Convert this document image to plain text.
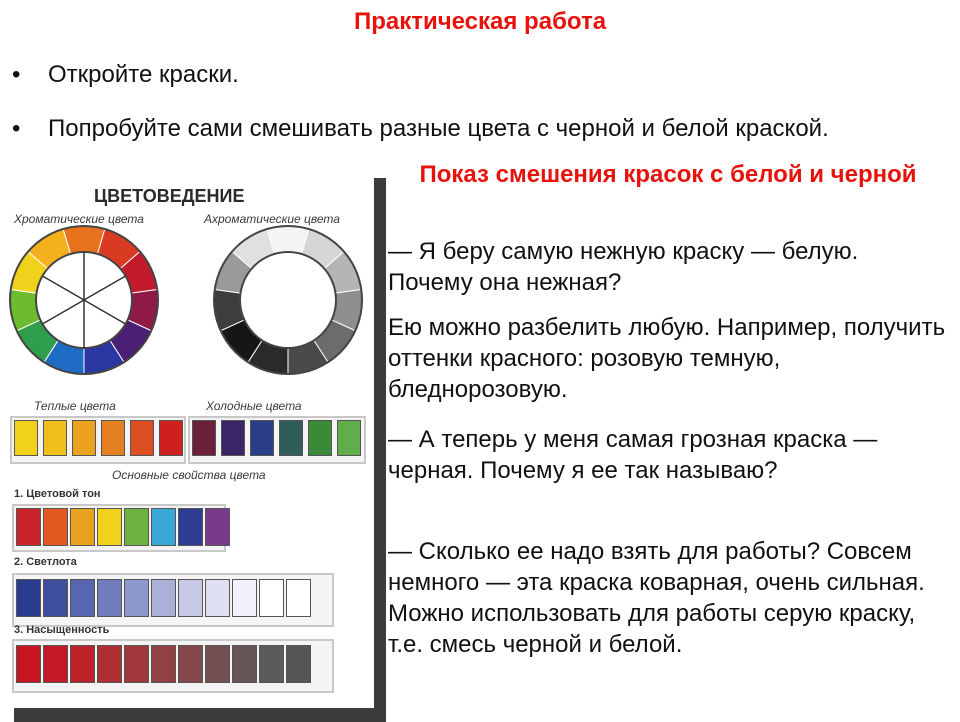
Практическая работа
• Откройте краски.
• Попробуйте сами смешивать разные цвета с черной и белой краской.
ЦВЕТОВЕДЕНИЕ
Хроматические цвета	Ахроматические цвета
Теплые цвета	Холодные цвета
Основные свойства цвета
1. Цветовой тон
2. Светлота
3. Насыщенность
Показ смешения красок с белой и черной
— Я беру самую нежную краску — белую. Почему она нежная?
Ею можно разбелить любую. Например, получить оттенки красного: розовую темную, бледнорозовую.
— А теперь у меня самая грозная краска — черная. Почему я ее так называю?
— Сколько ее надо взять для работы? Совсем немного — эта краска коварная, очень сильная. Можно использовать для работы серую краску, т.е. смесь черной и белой.
